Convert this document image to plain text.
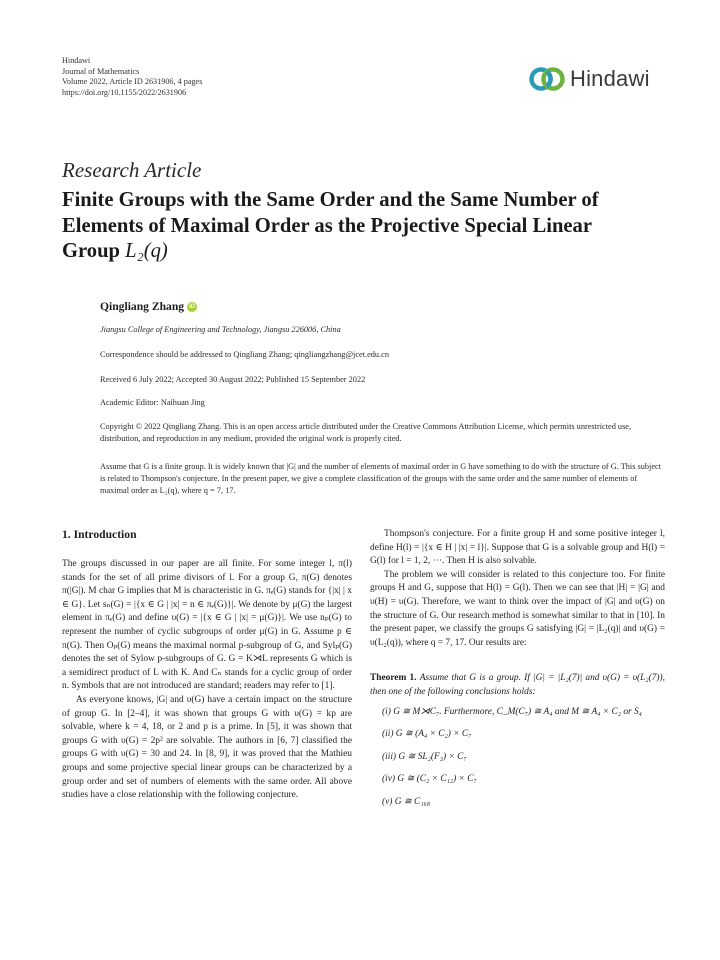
Hindawi
Journal of Mathematics
Volume 2022, Article ID 2631906, 4 pages
https://doi.org/10.1155/2022/2631906
Hindawi
Research Article
Finite Groups with the Same Order and the Same Number of
Elements of Maximal Order as the Projective Special Linear
Group L₂(q)
Qingliang Zhang iD
Jiangsu College of Engineering and Technology, Jiangsu 226006, China
Correspondence should be addressed to Qingliang Zhang; qingliangzhang@jcet.edu.cn
Received 6 July 2022; Accepted 30 August 2022; Published 15 September 2022
Academic Editor: Naihuan Jing
Copyright © 2022 Qingliang Zhang. This is an open access article distributed under the Creative Commons Attribution License, which permits unrestricted use, distribution, and reproduction in any medium, provided the original work is properly cited.
Assume that G is a finite group. It is widely known that |G| and the number of elements of maximal order in G have something to do with the structure of G. This subject is related to Thompson's conjecture. In the present paper, we give a complete classification of the groups with the same order and the same number of elements of maximal order as L₂(q), where q = 7, 17.
1. Introduction

The groups discussed in our paper are all finite. For some integer l, π(l) stands for the set of all prime divisors of l. For a group G, π(G) denotes π(|G|). M char G implies that M is characteristic in G. πₑ(G) stands for {|x| | x ∈ G}. Let sₙ(G) = |{x ∈ G | |x| = n ∈ πₑ(G)}|. We denote by μ(G) the largest element in πₑ(G) and define υ(G) = |{x ∈ G | |x| = μ(G)}|. We use nₚ(G) to represent the number of cyclic subgroups of order μ(G) in G. Assume p ∈ π(G). Then Oₚ(G) means the maximal normal p-subgroup of G, and Sylₚ(G) denotes the set of Sylow p-subgroups of G. G = K⋊L represents G which is a semidirect product of L with K. And Cₙ stands for a cyclic group of order n. Symbols that are not introduced are standard; readers may refer to [1].

As everyone knows, |G| and υ(G) have a certain impact on the structure of group G. In [2–4], it was shown that groups G with υ(G) = kp are solvable, where k = 4, 18, or 2 and p is a prime. In [5], it was shown that groups G with υ(G) = 2p² are solvable. The authors in [6, 7] classified the groups G with υ(G) = 30 and 24. In [8, 9], it was proved that the Mathieu groups and some projective special linear groups can be characterized by a group order and set of numbers of elements with the same order. All above studies have a close relationship with the following conjecture.

Thompson's conjecture. For a finite group H and some positive integer l, define H(l) = |{x ∈ H | |x| = l}|. Suppose that G is a solvable group and H(l) = G(l) for l = 1, 2, ⋯. Then H is also solvable.

The problem we will consider is related to this conjecture too. For finite groups H and G, suppose that H(l) = G(l). Then we can see that |H| = |G| and υ(H) = υ(G). Therefore, we want to think over the impact of |G| and υ(G) on the structure of G. Our research method is somewhat similar to that in [10]. In the present paper, we classify the groups G satisfying |G| = |L₂(q)| and υ(G) = υ(L₂(q)), where q = 7, 17. Our results are:

Theorem 1. Assume that G is a group. If |G| = |L₂(7)| and υ(G) = υ(L₂(7)), then one of the following conclusions holds:

(i) G ≅ M⋊C₇. Furthermore, C_M(C₇) ≅ A₄ and M ≅ A₄ × C₂ or S₄
(ii) G ≅ (A₄ × C₂) × C₇
(iii) G ≅ SL₂(F₃) × C₇
(iv) G ≅ (C₂ × C₁₂) × C₇
(v) G ≅ C₁₆₈
